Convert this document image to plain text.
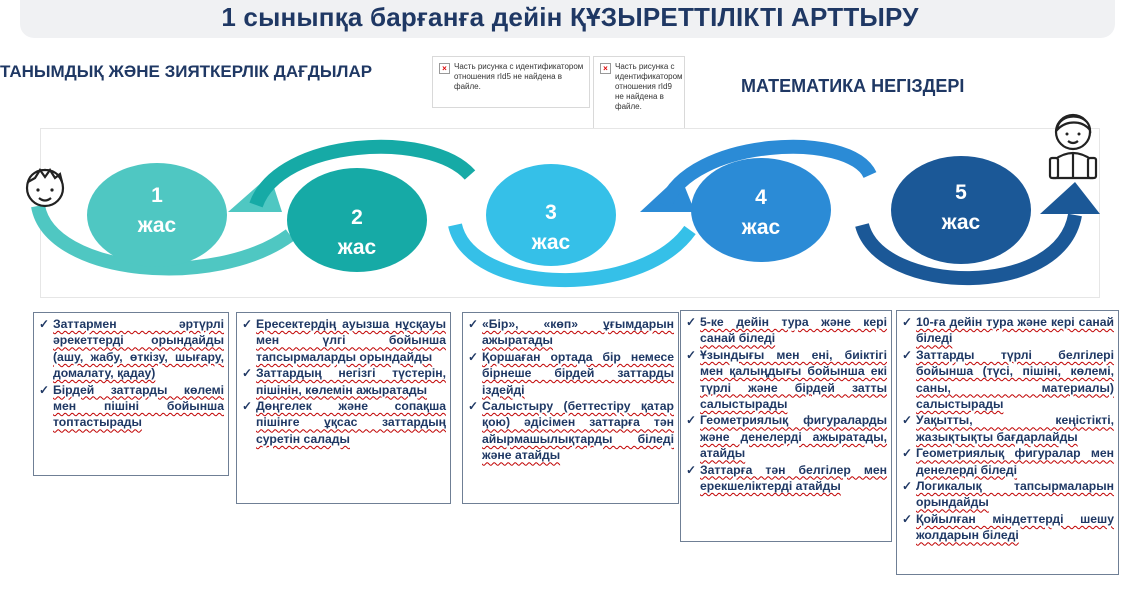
1 сыныпқа барғанға дейін ҚҰЗЫРЕТТІЛІКТІ АРТТЫРУ
ТАНЫМДЫҚ ЖӘНЕ ЗИЯТКЕРЛІК ДАҒДЫЛАР
МАТЕМАТИКА НЕГІЗДЕРІ
× Часть рисунка с идентификатором отношения rId5 не найдена в файле.
× Часть рисунка с идентификатором отношения rId9 не найдена в файле.
1
жас	2
жас
3
жас
4
жас
5
жас
✓ Заттармен әртүрлі әрекеттерді орындайды (ашу, жабу, өткізу, шығару, домалату, қадау)
✓ Бірдей заттарды көлемі мен пішіні бойынша топтастырады
✓ Ересектердің ауызша нұсқауы мен үлгі бойынша тапсырмаларды орындайды
✓ Заттардың негізгі түстерін, пішінін, көлемін ажыратады
✓ Дөңгелек және сопақша пішінге ұқсас заттардың суретін салады
✓ «Бір», «көп» ұғымдарын ажыратады
✓ Қоршаған ортада бір немесе бірнеше бірдей заттарды іздейді
✓ Салыстыру (беттестіру қатар қою) әдісімен заттарға тән айырмашылықтарды біледі және атайды
✓ 5-ке дейін тура және кері санай біледі
✓ Ұзындығы мен ені, биіктігі мен қалыңдығы бойынша екі түрлі және бірдей затты салыстырады
✓ Геометриялық фигураларды және денелерді ажыратады, атайды
✓ Заттарға тән белгілер мен ерекшеліктерді атайды
✓ 10-ға дейін тура және кері санай біледі
✓ Заттарды түрлі белгілері бойынша (түсі, пішіні, көлемі, саны, материалы) салыстырады
✓ Уақытты, кеңістікті, жазықтықты бағдарлайды
✓ Геометриялық фигуралар мен денелерді біледі
✓ Логикалық тапсырмаларын орындайды
✓ Қойылған міндеттерді шешу жолдарын біледі
